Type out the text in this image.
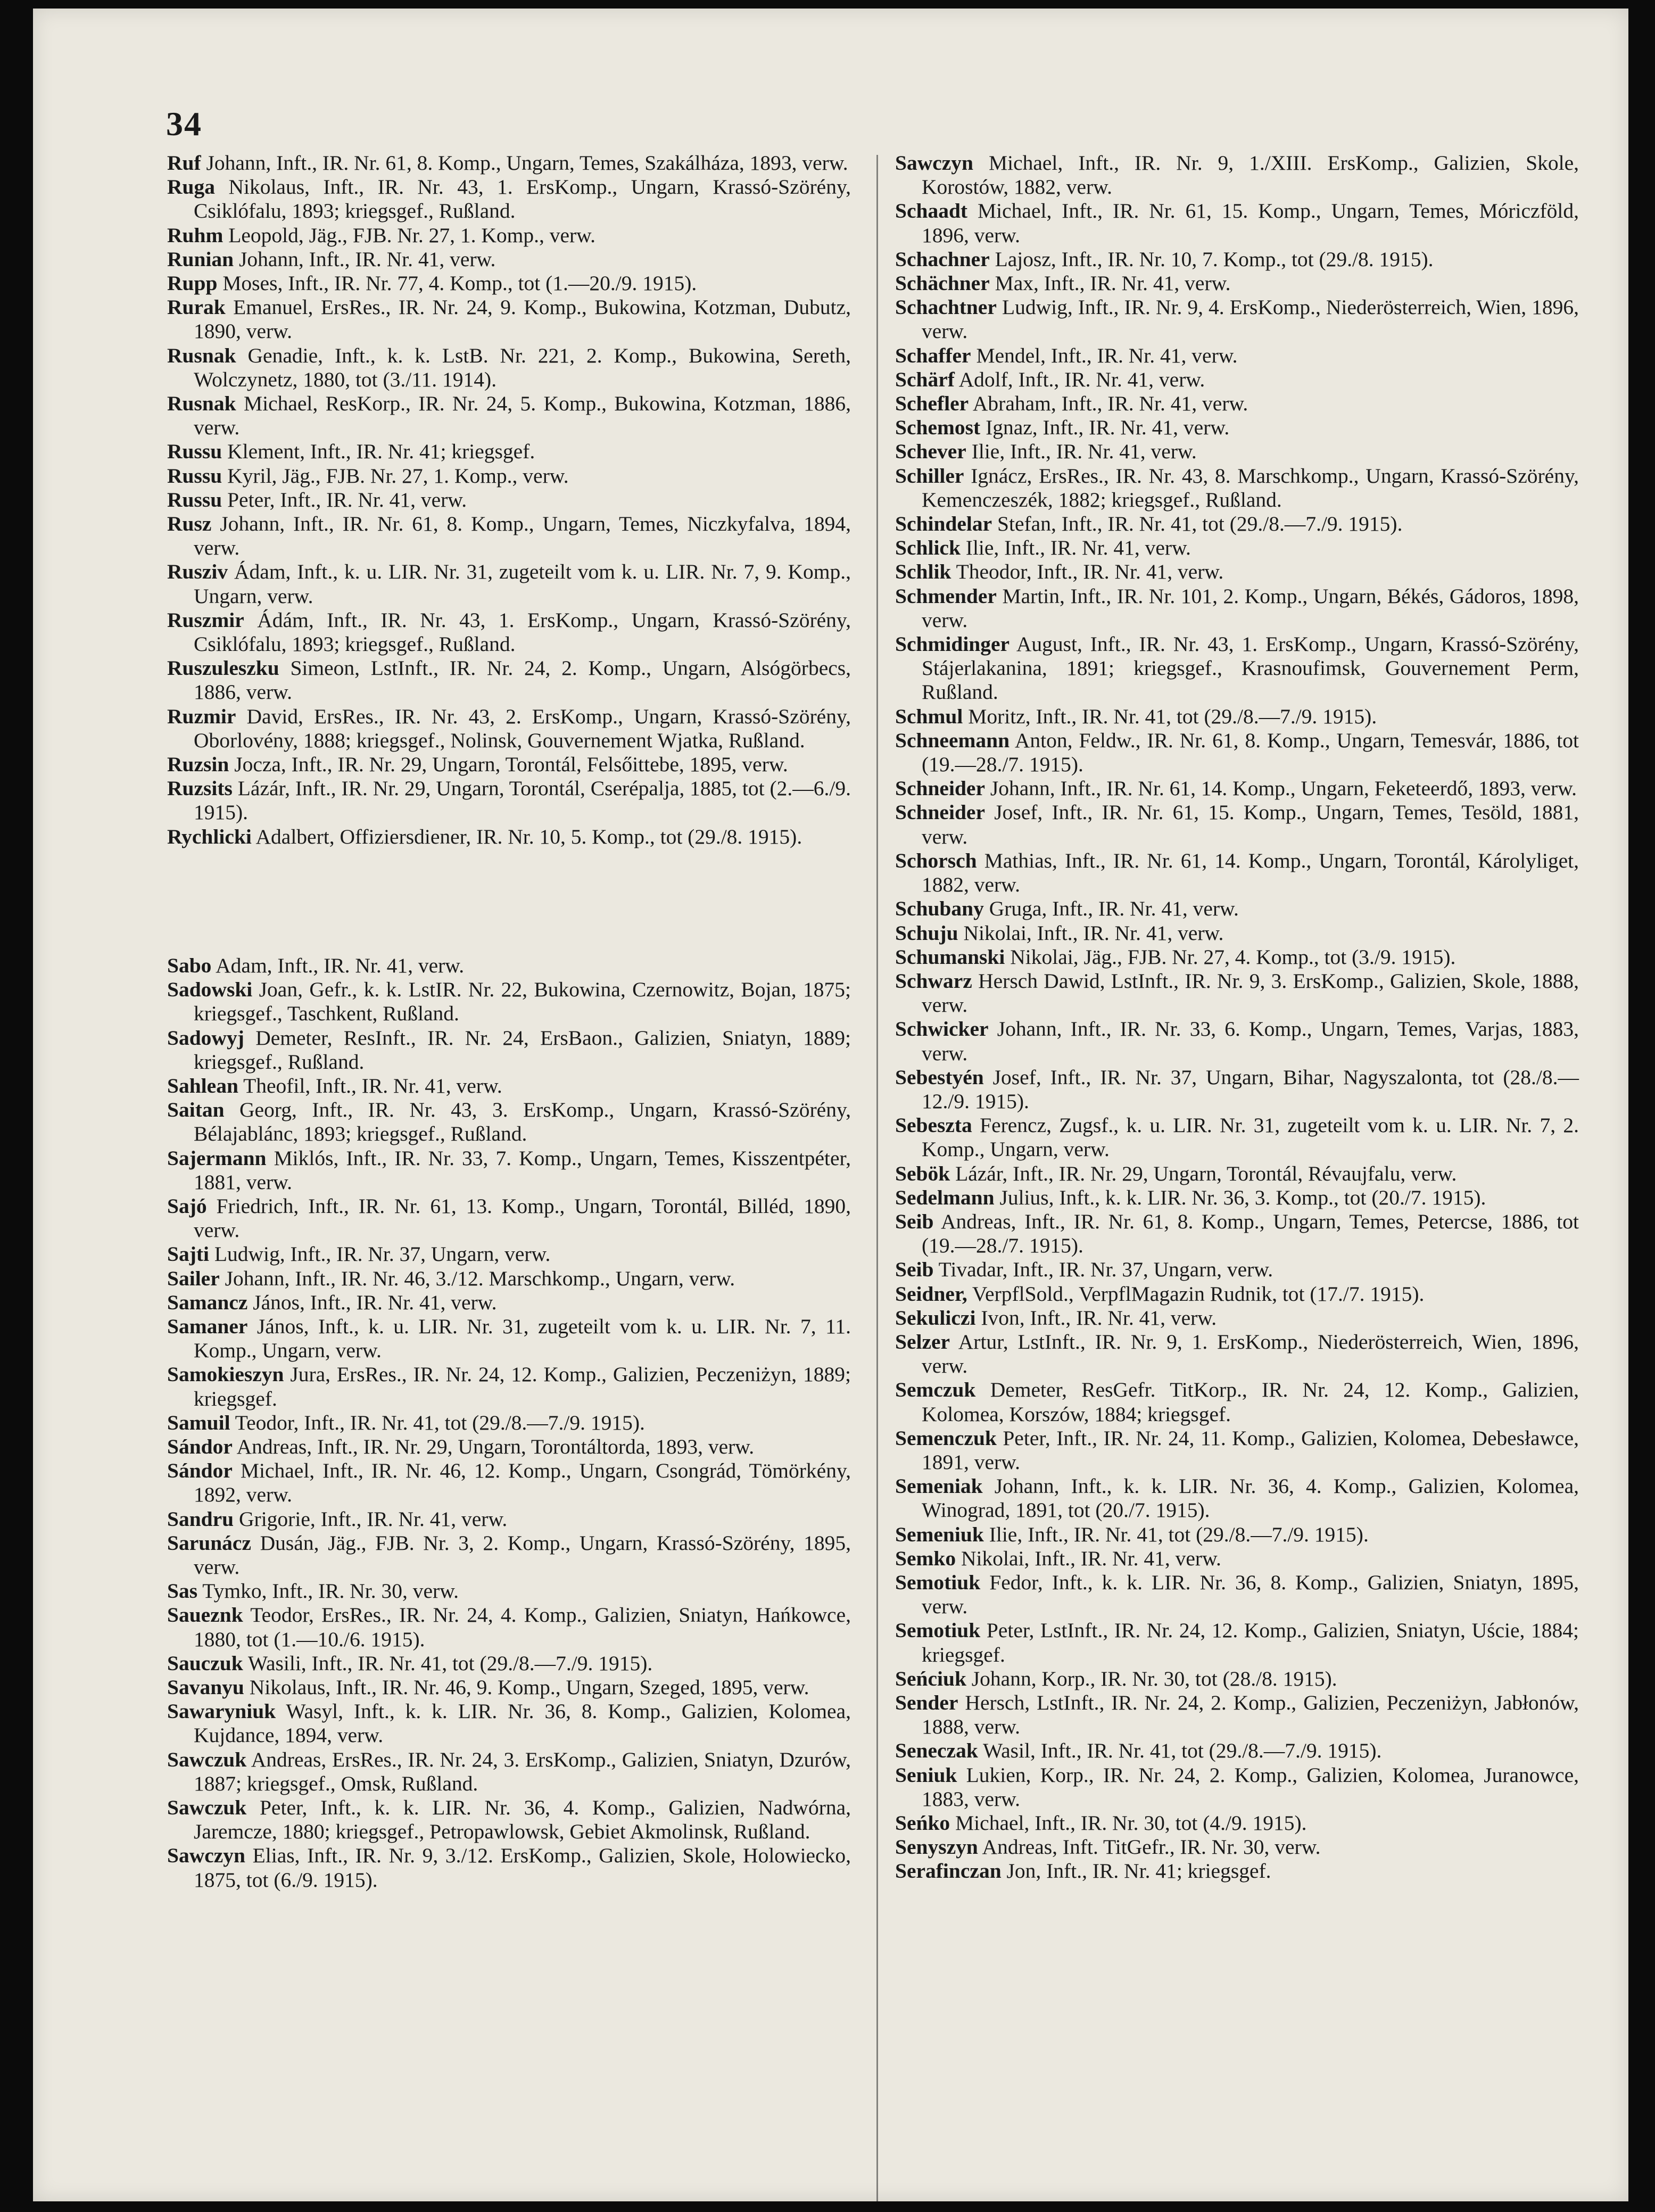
34

Ruf Johann, Inft., IR. Nr. 61, 8. Komp., Ungarn, Temes, Szakálháza, 1893, verw.

Ruga Nikolaus, Inft., IR. Nr. 43, 1. ErsKomp., Ungarn, Krassó-Szörény, Csiklófalu, 1893; kriegsgef., Rußland.

Ruhm Leopold, Jäg., FJB. Nr. 27, 1. Komp., verw.

Runian Johann, Inft., IR. Nr. 41, verw.

Rupp Moses, Inft., IR. Nr. 77, 4. Komp., tot (1.—20./9. 1915).

Rurak Emanuel, ErsRes., IR. Nr. 24, 9. Komp., Bukowina, Kotzman, Dubutz, 1890, verw.

Rusnak Genadie, Inft., k. k. LstB. Nr. 221, 2. Komp., Bukowina, Sereth, Wolczynetz, 1880, tot (3./11. 1914).

Rusnak Michael, ResKorp., IR. Nr. 24, 5. Komp., Bukowina, Kotzman, 1886, verw.

Russu Klement, Inft., IR. Nr. 41; kriegsgef.

Russu Kyril, Jäg., FJB. Nr. 27, 1. Komp., verw.

Russu Peter, Inft., IR. Nr. 41, verw.

Rusz Johann, Inft., IR. Nr. 61, 8. Komp., Ungarn, Temes, Niczkyfalva, 1894, verw.

Rusziv Ádam, Inft., k. u. LIR. Nr. 31, zugeteilt vom k. u. LIR. Nr. 7, 9. Komp., Ungarn, verw.

Ruszmir Ádám, Inft., IR. Nr. 43, 1. ErsKomp., Ungarn, Krassó-Szörény, Csiklófalu, 1893; kriegsgef., Rußland.

Ruszuleszku Simeon, LstInft., IR. Nr. 24, 2. Komp., Ungarn, Alsógörbecs, 1886, verw.

Ruzmir David, ErsRes., IR. Nr. 43, 2. ErsKomp., Ungarn, Krassó-Szörény, Oborlovény, 1888; kriegsgef., Nolinsk, Gouvernement Wjatka, Rußland.

Ruzsin Jocza, Inft., IR. Nr. 29, Ungarn, Torontál, Felsőittebe, 1895, verw.

Ruzsits Lázár, Inft., IR. Nr. 29, Ungarn, Torontál, Cserépalja, 1885, tot (2.—6./9. 1915).

Rychlicki Adalbert, Offiziersdiener, IR. Nr. 10, 5. Komp., tot (29./8. 1915).

Sabo Adam, Inft., IR. Nr. 41, verw.

Sadowski Joan, Gefr., k. k. LstIR. Nr. 22, Bukowina, Czernowitz, Bojan, 1875; kriegsgef., Taschkent, Rußland.

Sadowyj Demeter, ResInft., IR. Nr. 24, ErsBaon., Galizien, Sniatyn, 1889; kriegsgef., Rußland.

Sahlean Theofil, Inft., IR. Nr. 41, verw.

Saitan Georg, Inft., IR. Nr. 43, 3. ErsKomp., Ungarn, Krassó-Szörény, Bélajablánc, 1893; kriegsgef., Rußland.

Sajermann Miklós, Inft., IR. Nr. 33, 7. Komp., Ungarn, Temes, Kisszentpéter, 1881, verw.

Sajó Friedrich, Inft., IR. Nr. 61, 13. Komp., Ungarn, Torontál, Billéd, 1890, verw.

Sajti Ludwig, Inft., IR. Nr. 37, Ungarn, verw.

Sailer Johann, Inft., IR. Nr. 46, 3./12. Marschkomp., Ungarn, verw.

Samancz János, Inft., IR. Nr. 41, verw.

Samaner János, Inft., k. u. LIR. Nr. 31, zugeteilt vom k. u. LIR. Nr. 7, 11. Komp., Ungarn, verw.

Samokieszyn Jura, ErsRes., IR. Nr. 24, 12. Komp., Galizien, Peczeniżyn, 1889; kriegsgef.

Samuil Teodor, Inft., IR. Nr. 41, tot (29./8.—7./9. 1915).

Sándor Andreas, Inft., IR. Nr. 29, Ungarn, Torontáltorda, 1893, verw.

Sándor Michael, Inft., IR. Nr. 46, 12. Komp., Ungarn, Csongrád, Tömörkény, 1892, verw.

Sandru Grigorie, Inft., IR. Nr. 41, verw.

Sarunácz Dusán, Jäg., FJB. Nr. 3, 2. Komp., Ungarn, Krassó-Szörény, 1895, verw.

Sas Tymko, Inft., IR. Nr. 30, verw.

Saueznk Teodor, ErsRes., IR. Nr. 24, 4. Komp., Galizien, Sniatyn, Hańkowce, 1880, tot (1.—10./6. 1915).

Sauczuk Wasili, Inft., IR. Nr. 41, tot (29./8.—7./9. 1915).

Savanyu Nikolaus, Inft., IR. Nr. 46, 9. Komp., Ungarn, Szeged, 1895, verw.

Sawaryniuk Wasyl, Inft., k. k. LIR. Nr. 36, 8. Komp., Galizien, Kolomea, Kujdance, 1894, verw.

Sawczuk Andreas, ErsRes., IR. Nr. 24, 3. ErsKomp., Galizien, Sniatyn, Dzurów, 1887; kriegsgef., Omsk, Rußland.

Sawczuk Peter, Inft., k. k. LIR. Nr. 36, 4. Komp., Galizien, Nadwórna, Jaremcze, 1880; kriegsgef., Petropawlowsk, Gebiet Akmolinsk, Rußland.

Sawczyn Elias, Inft., IR. Nr. 9, 3./12. ErsKomp., Galizien, Skole, Holowiecko, 1875, tot (6./9. 1915).

Sawczyn Michael, Inft., IR. Nr. 9, 1./XIII. ErsKomp., Galizien, Skole, Korostów, 1882, verw.

Schaadt Michael, Inft., IR. Nr. 61, 15. Komp., Ungarn, Temes, Móriczföld, 1896, verw.

Schachner Lajosz, Inft., IR. Nr. 10, 7. Komp., tot (29./8. 1915).

Schächner Max, Inft., IR. Nr. 41, verw.

Schachtner Ludwig, Inft., IR. Nr. 9, 4. ErsKomp., Niederösterreich, Wien, 1896, verw.

Schaffer Mendel, Inft., IR. Nr. 41, verw.

Schärf Adolf, Inft., IR. Nr. 41, verw.

Schefler Abraham, Inft., IR. Nr. 41, verw.

Schemost Ignaz, Inft., IR. Nr. 41, verw.

Schever Ilie, Inft., IR. Nr. 41, verw.

Schiller Ignácz, ErsRes., IR. Nr. 43, 8. Marschkomp., Ungarn, Krassó-Szörény, Kemenczeszék, 1882; kriegsgef., Rußland.

Schindelar Stefan, Inft., IR. Nr. 41, tot (29./8.—7./9. 1915).

Schlick Ilie, Inft., IR. Nr. 41, verw.

Schlik Theodor, Inft., IR. Nr. 41, verw.

Schmender Martin, Inft., IR. Nr. 101, 2. Komp., Ungarn, Békés, Gádoros, 1898, verw.

Schmidinger August, Inft., IR. Nr. 43, 1. ErsKomp., Ungarn, Krassó-Szörény, Stájerlakanina, 1891; kriegsgef., Krasnoufimsk, Gouvernement Perm, Rußland.

Schmul Moritz, Inft., IR. Nr. 41, tot (29./8.—7./9. 1915).

Schneemann Anton, Feldw., IR. Nr. 61, 8. Komp., Ungarn, Temesvár, 1886, tot (19.—28./7. 1915).

Schneider Johann, Inft., IR. Nr. 61, 14. Komp., Ungarn, Feketeerdő, 1893, verw.

Schneider Josef, Inft., IR. Nr. 61, 15. Komp., Ungarn, Temes, Tesöld, 1881, verw.

Schorsch Mathias, Inft., IR. Nr. 61, 14. Komp., Ungarn, Torontál, Károlyliget, 1882, verw.

Schubany Gruga, Inft., IR. Nr. 41, verw.

Schuju Nikolai, Inft., IR. Nr. 41, verw.

Schumanski Nikolai, Jäg., FJB. Nr. 27, 4. Komp., tot (3./9. 1915).

Schwarz Hersch Dawid, LstInft., IR. Nr. 9, 3. ErsKomp., Galizien, Skole, 1888, verw.

Schwicker Johann, Inft., IR. Nr. 33, 6. Komp., Ungarn, Temes, Varjas, 1883, verw.

Sebestyén Josef, Inft., IR. Nr. 37, Ungarn, Bihar, Nagyszalonta, tot (28./8.—12./9. 1915).

Sebeszta Ferencz, Zugsf., k. u. LIR. Nr. 31, zugeteilt vom k. u. LIR. Nr. 7, 2. Komp., Ungarn, verw.

Sebök Lázár, Inft., IR. Nr. 29, Ungarn, Torontál, Révaujfalu, verw.

Sedelmann Julius, Inft., k. k. LIR. Nr. 36, 3. Komp., tot (20./7. 1915).

Seib Andreas, Inft., IR. Nr. 61, 8. Komp., Ungarn, Temes, Petercse, 1886, tot (19.—28./7. 1915).

Seib Tivadar, Inft., IR. Nr. 37, Ungarn, verw.

Seidner, VerpflSold., VerpflMagazin Rudnik, tot (17./7. 1915).

Sekuliczi Ivon, Inft., IR. Nr. 41, verw.

Selzer Artur, LstInft., IR. Nr. 9, 1. ErsKomp., Niederösterreich, Wien, 1896, verw.

Semczuk Demeter, ResGefr. TitKorp., IR. Nr. 24, 12. Komp., Galizien, Kolomea, Korszów, 1884; kriegsgef.

Semenczuk Peter, Inft., IR. Nr. 24, 11. Komp., Galizien, Kolomea, Debesławce, 1891, verw.

Semeniak Johann, Inft., k. k. LIR. Nr. 36, 4. Komp., Galizien, Kolomea, Winograd, 1891, tot (20./7. 1915).

Semeniuk Ilie, Inft., IR. Nr. 41, tot (29./8.—7./9. 1915).

Semko Nikolai, Inft., IR. Nr. 41, verw.

Semotiuk Fedor, Inft., k. k. LIR. Nr. 36, 8. Komp., Galizien, Sniatyn, 1895, verw.

Semotiuk Peter, LstInft., IR. Nr. 24, 12. Komp., Galizien, Sniatyn, Uście, 1884; kriegsgef.

Seńciuk Johann, Korp., IR. Nr. 30, tot (28./8. 1915).

Sender Hersch, LstInft., IR. Nr. 24, 2. Komp., Galizien, Peczeniżyn, Jabłonów, 1888, verw.

Seneczak Wasil, Inft., IR. Nr. 41, tot (29./8.—7./9. 1915).

Seniuk Lukien, Korp., IR. Nr. 24, 2. Komp., Galizien, Kolomea, Juranowce, 1883, verw.

Seńko Michael, Inft., IR. Nr. 30, tot (4./9. 1915).

Senyszyn Andreas, Inft. TitGefr., IR. Nr. 30, verw.

Serafinczan Jon, Inft., IR. Nr. 41; kriegsgef.
